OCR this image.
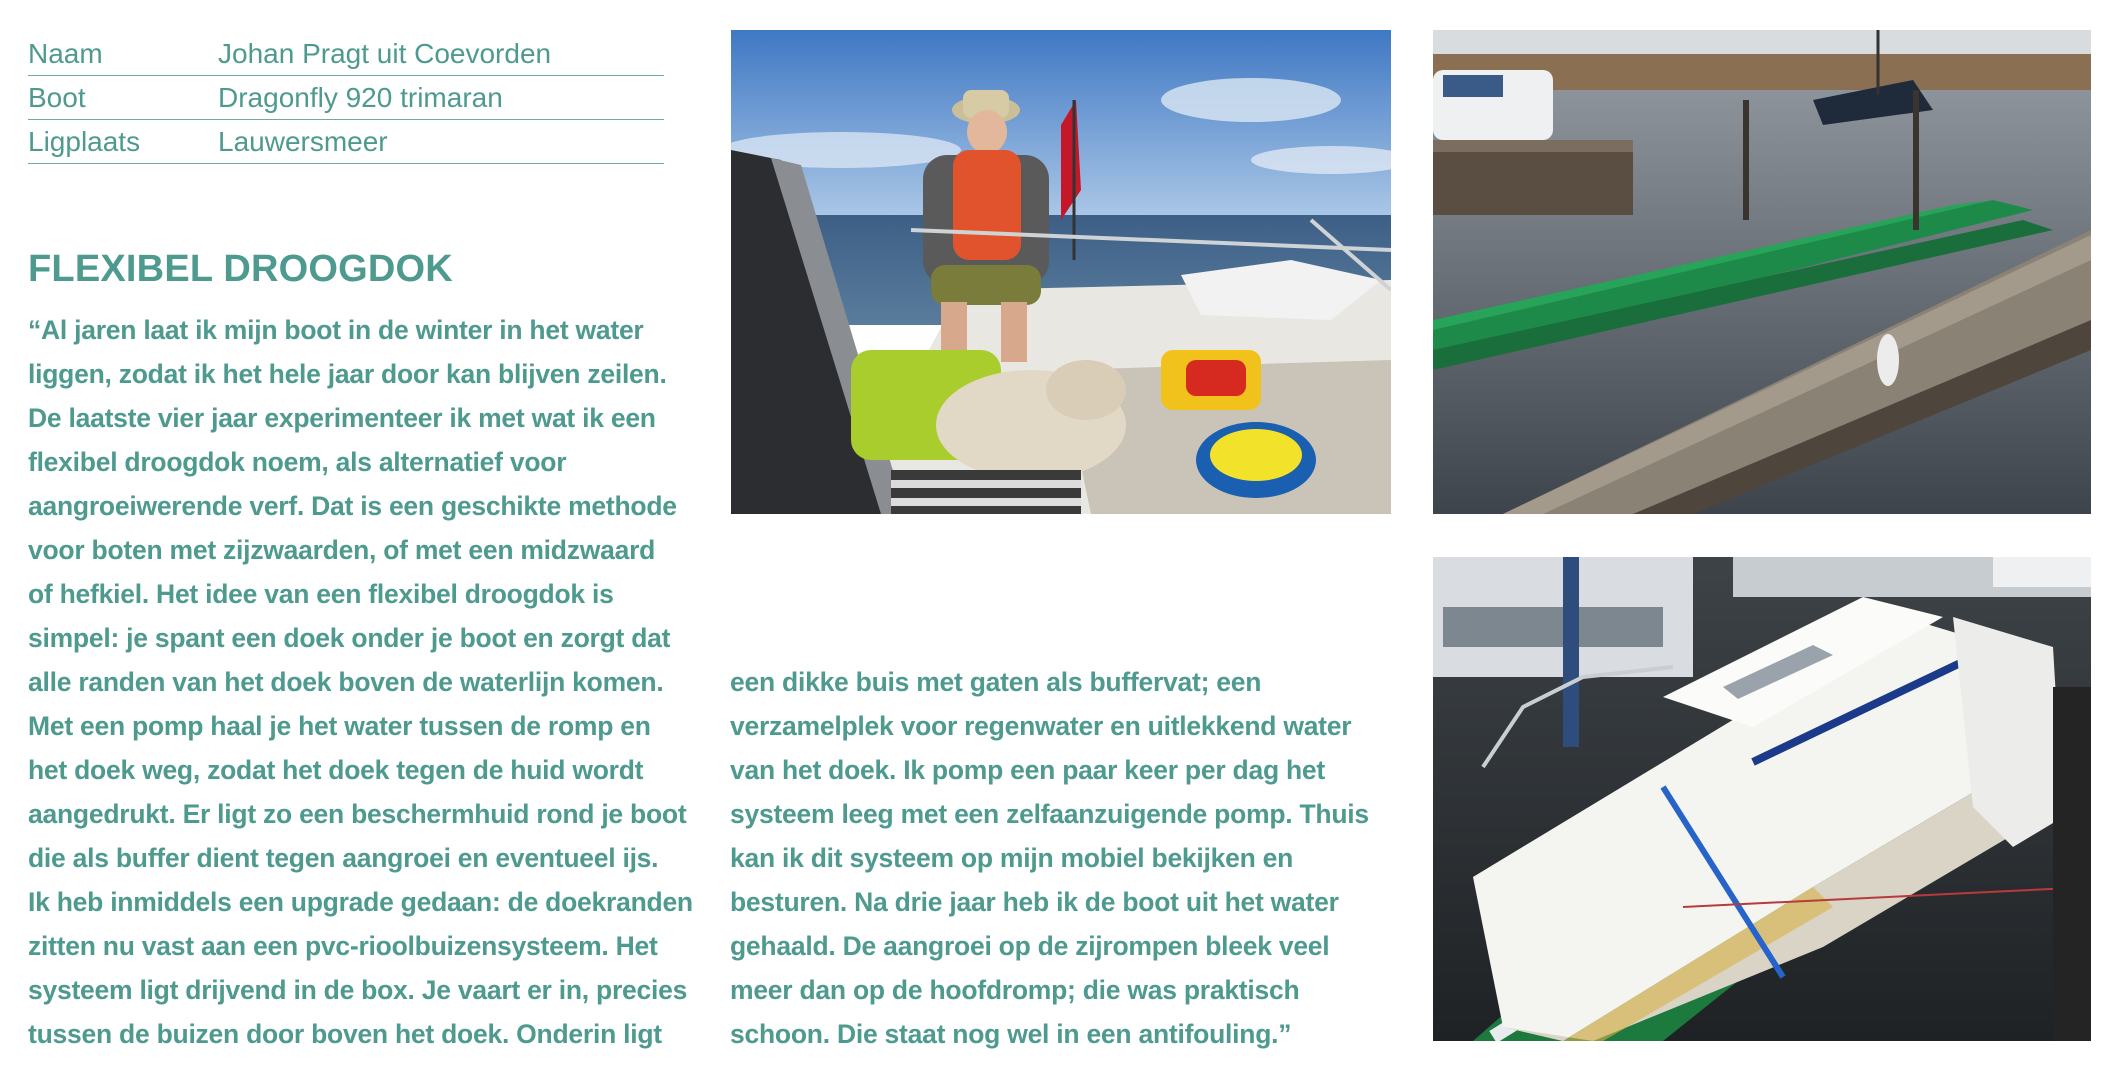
Naam	Johan Pragt uit Coevorden
Boot	Dragonfly 920 trimaran
Ligplaats	Lauwersmeer
FLEXIBEL DROOGDOK
“Al jaren laat ik mijn boot in de winter in het water
liggen, zodat ik het hele jaar door kan blijven zeilen.
De laatste vier jaar experimenteer ik met wat ik een
flexibel droogdok noem, als alternatief voor
aangroeiwerende verf. Dat is een geschikte methode
voor boten met zijzwaarden, of met een midzwaard
of hefkiel. Het idee van een flexibel droogdok is
simpel: je spant een doek onder je boot en zorgt dat
alle randen van het doek boven de waterlijn komen.
Met een pomp haal je het water tussen de romp en
het doek weg, zodat het doek tegen de huid wordt
aangedrukt. Er ligt zo een beschermhuid rond je boot
die als buffer dient tegen aangroei en eventueel ijs.
Ik heb inmiddels een upgrade gedaan: de doekranden
zitten nu vast aan een pvc-rioolbuizensysteem. Het
systeem ligt drijvend in de box. Je vaart er in, precies
tussen de buizen door boven het doek. Onderin ligt
een dikke buis met gaten als buffervat; een
verzamelplek voor regenwater en uitlekkend water
van het doek. Ik pomp een paar keer per dag het
systeem leeg met een zelfaanzuigende pomp. Thuis
kan ik dit systeem op mijn mobiel bekijken en
besturen. Na drie jaar heb ik de boot uit het water
gehaald. De aangroei op de zijrompen bleek veel
meer dan op de hoofdromp; die was praktisch
schoon. Die staat nog wel in een antifouling.”
